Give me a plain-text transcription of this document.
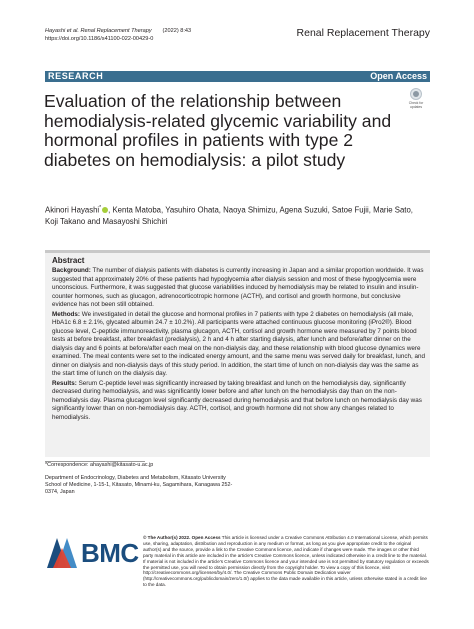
Hayashi et al. Renal Replacement Therapy (2022) 8:43
https://doi.org/10.1186/s41100-022-00429-0	Renal Replacement Therapy
RESEARCH	Open Access
Check for updates
Evaluation of the relationship between hemodialysis-related glycemic variability and hormonal profiles in patients with type 2 diabetes on hemodialysis: a pilot study
Akinori Hayashi* , Kenta Matoba, Yasuhiro Ohata, Naoya Shimizu, Agena Suzuki, Satoe Fujii, Marie Sato,
Koji Takano and Masayoshi Shichiri
Abstract

Background: The number of dialysis patients with diabetes is currently increasing in Japan and a similar proportion worldwide. It was suggested that approximately 20% of these patients had hypoglycemia after dialysis session and most of these hypoglycemia were unconscious. Furthermore, it was suggested that glucose variabilities induced by hemodialysis may be related to insulin and insulin-counter hormones, such as glucagon, adrenocorticotropic hormone (ACTH), and cortisol and growth hormone, but conclusive evidence has not been still obtained.

Methods: We investigated in detail the glucose and hormonal profiles in 7 patients with type 2 diabetes on hemodialysis (all male, HbA1c 6.8 ± 2.1%, glycated albumin 24.7 ± 10.2%). All participants were attached continuous glucose monitoring (iPro2®). Blood glucose level, C-peptide immunoreactivity, plasma glucagon, ACTH, cortisol and growth hormone were measured by 7 points blood tests at before breakfast, after breakfast (predialysis), 2 h and 4 h after starting dialysis, after lunch and before/after dinner on the dialysis day and 6 points at before/after each meal on the non-dialysis day, and these relationship with blood glucose dynamics were examined. The meal contents were set to the indicated energy amount, and the same menu was served daily for breakfast, lunch, and dinner on dialysis and non-dialysis days of this study period. In addition, the start time of lunch on non-dialysis day was the same as the start time of lunch on the dialysis day.

Results: Serum C-peptide level was significantly increased by taking breakfast and lunch on the hemodialysis day, significantly decreased during hemodialysis, and was significantly lower before and after lunch on the hemodialysis day than on the non-hemodialysis day. Plasma glucagon level significantly decreased during hemodialysis and that before lunch on hemodialysis day was significantly lower than on non-hemodialysis day. ACTH, cortisol, and growth hormone did not show any changes related to hemodialysis.

*Correspondence: ahayashi@kitasato-u.ac.jp
Department of Endocrinology, Diabetes and Metabolism, Kitasato University School of Medicine, 1-15-1, Kitasato, Minami-ku, Sagamihara, Kanagawa 252-0374, Japan
BMC
© The Author(s) 2022. Open Access This article is licensed under a Creative Commons Attribution 4.0 International License, which permits use, sharing, adaptation, distribution and reproduction in any medium or format, as long as you give appropriate credit to the original author(s) and the source, provide a link to the Creative Commons licence, and indicate if changes were made. The images or other third party material in this article are included in the article's Creative Commons licence, unless indicated otherwise in a credit line to the material. If material is not included in the article's Creative Commons licence and your intended use is not permitted by statutory regulation or exceeds the permitted use, you will need to obtain permission directly from the copyright holder. To view a copy of this licence, visit http://creativecommons.org/licenses/by/4.0/. The Creative Commons Public Domain Dedication waiver (http://creativecommons.org/publicdomain/zero/1.0/) applies to the data made available in this article, unless otherwise stated in a credit line to the data.
